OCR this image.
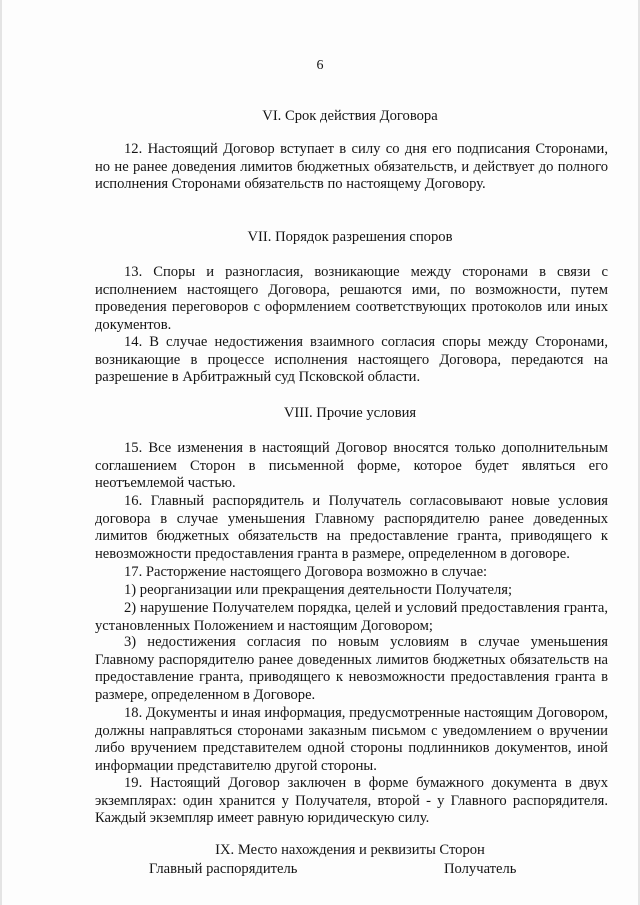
6
VI. Срок действия Договора

12. Настоящий Договор вступает в силу со дня его подписания Сторонами, но не ранее доведения лимитов бюджетных обязательств, и действует до полного исполнения Сторонами обязательств по настоящему Договору.

VII. Порядок разрешения споров

13. Споры и разногласия, возникающие между сторонами в связи с исполнением настоящего Договора, решаются ими, по возможности, путем проведения переговоров с оформлением соответствующих протоколов или иных документов.

14. В случае недостижения взаимного согласия споры между Сторонами, возникающие в процессе исполнения настоящего Договора, передаются на разрешение в Арбитражный суд Псковской области.

VIII. Прочие условия

15. Все изменения в настоящий Договор вносятся только дополнительным соглашением Сторон в письменной форме, которое будет являться его неотъемлемой частью.

16. Главный распорядитель и Получатель согласовывают новые условия договора в случае уменьшения Главному распорядителю ранее доведенных лимитов бюджетных обязательств на предоставление гранта, приводящего к невозможности предоставления гранта в размере, определенном в договоре.

17. Расторжение настоящего Договора возможно в случае:

1) реорганизации или прекращения деятельности Получателя;

2) нарушение Получателем порядка, целей и условий предоставления гранта, установленных Положением и настоящим Договором;

3) недостижения согласия по новым условиям в случае уменьшения Главному распорядителю ранее доведенных лимитов бюджетных обязательств на предоставление гранта, приводящего к невозможности предоставления гранта в размере, определенном в Договоре.

18. Документы и иная информация, предусмотренные настоящим Договором, должны направляться сторонами заказным письмом с уведомлением о вручении либо вручением представителем одной стороны подлинников документов, иной информации представителю другой стороны.

19. Настоящий Договор заключен в форме бумажного документа в двух экземплярах: один хранится у Получателя, второй - у Главного распорядителя. Каждый экземпляр имеет равную юридическую силу.

IX. Место нахождения и реквизиты Сторон
Главный распорядитель	Получатель
